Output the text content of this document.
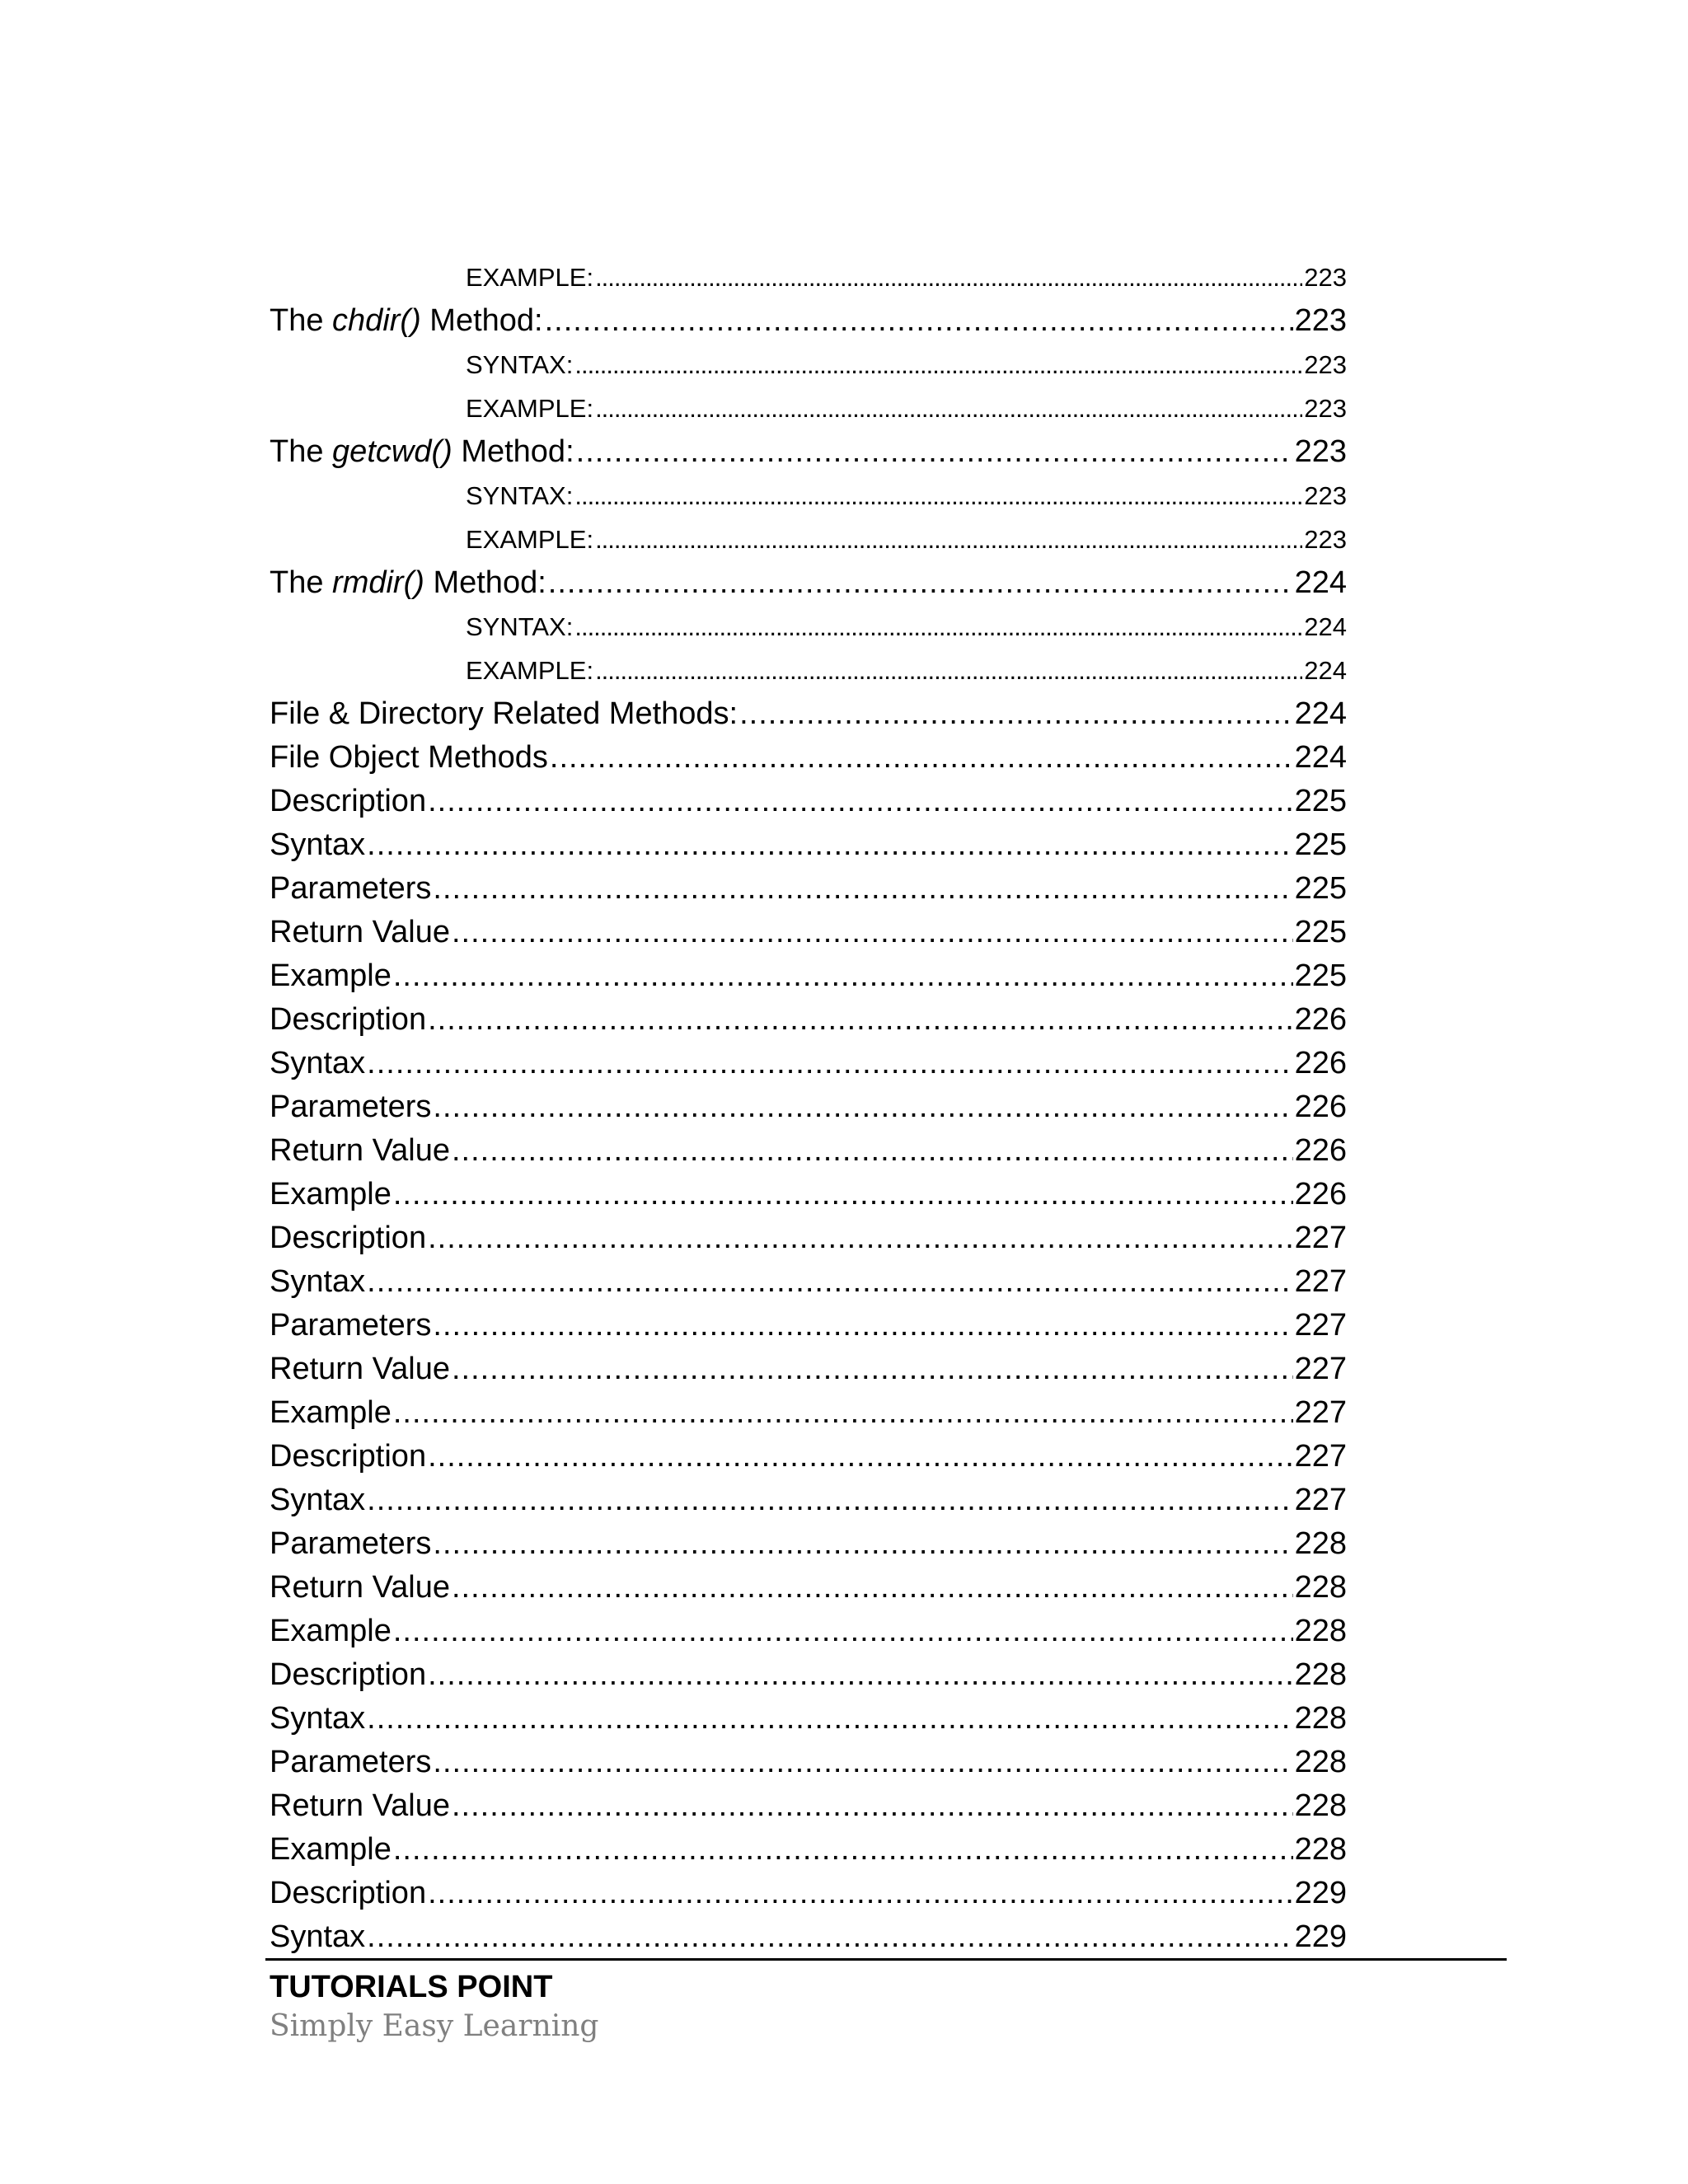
EXAMPLE: .....	223
The chdir() Method: .....	223
SYNTAX: .....	223
EXAMPLE: .....	223
The getcwd() Method: .....	223
SYNTAX: .....	223
EXAMPLE: .....	223
The rmdir() Method: .....	224
SYNTAX: .....	224
EXAMPLE: .....	224
File & Directory Related Methods: .....	224
File Object Methods .....	224
Description .....	225
Syntax .....	225
Parameters .....	225
Return Value .....	225
Example .....	225
Description .....	226
Syntax .....	226
Parameters .....	226
Return Value .....	226
Example .....	226
Description .....	227
Syntax .....	227
Parameters .....	227
Return Value .....	227
Example .....	227
Description .....	227
Syntax .....	227
Parameters .....	228
Return Value .....	228
Example .....	228
Description .....	228
Syntax .....	228
Parameters .....	228
Return Value .....	228
Example .....	228
Description .....	229
Syntax .....	229
TUTORIALS POINT
Simply Easy Learning
